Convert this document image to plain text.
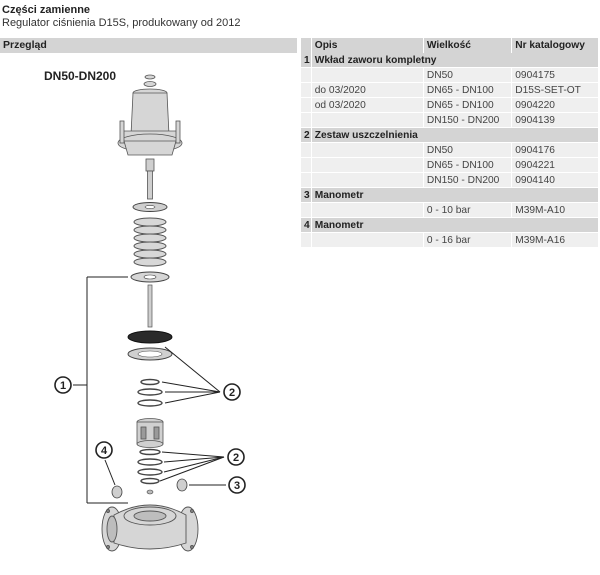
Części zamienne
Regulator ciśnienia D15S, produkowany od 2012
Przegląd
DN50-DN200
1
2
2
3
4
	Opis	Wielkość	Nr katalogowy
1	Wkład zaworu kompletny		
		DN50	0904175
	do 03/2020	DN65 - DN100	D15S-SET-OT
	od 03/2020	DN65 - DN100	0904220
		DN150 - DN200	0904139
2	Zestaw uszczelnienia		
		DN50	0904176
		DN65 - DN100	0904221
		DN150 - DN200	0904140
3	Manometr		
		0 - 10 bar	M39M-A10
4	Manometr		
		0 - 16 bar	M39M-A16
